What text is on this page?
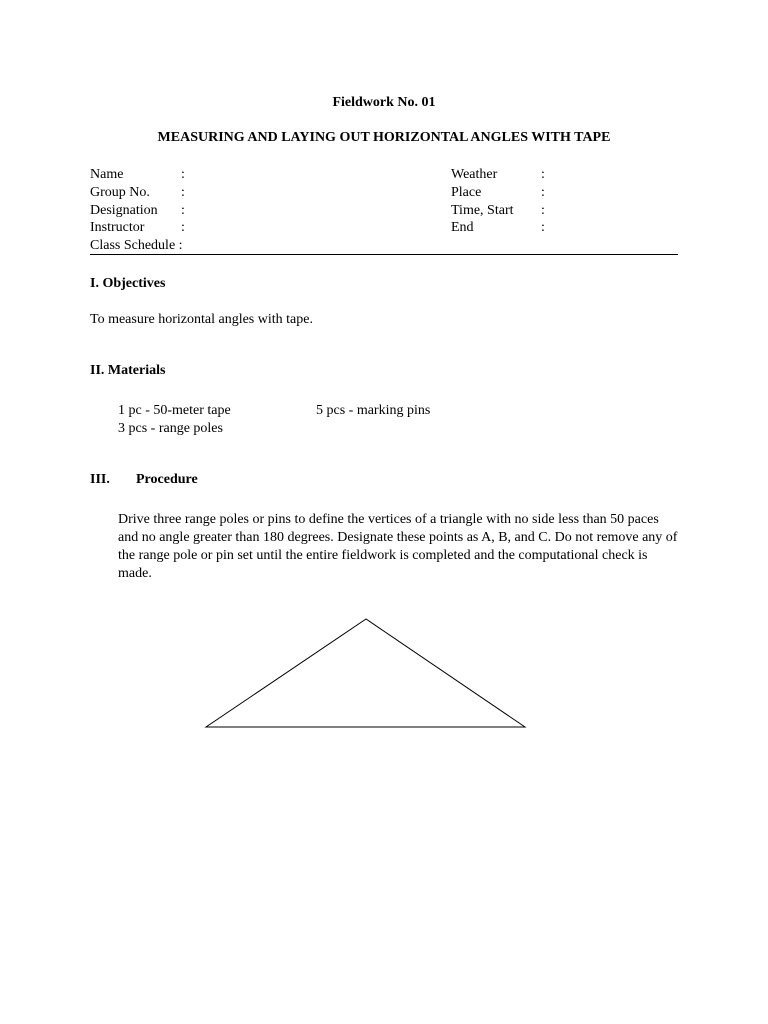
Fieldwork No. 01
MEASURING AND LAYING OUT HORIZONTAL ANGLES WITH TAPE
Name	:
Group No. :
Designation :
Instructor	:
Class Schedule :
Weather	:
Place	:
Time, Start :
End	:
I. Objectives
To measure horizontal angles with tape.
II. Materials
1 pc - 50-meter tape	5 pcs - marking pins
3 pcs - range poles
III. Procedure
Drive three range poles or pins to define the vertices of a triangle with no side less than 50 paces and no angle greater than 180 degrees. Designate these points as A, B, and C. Do not remove any of the range pole or pin set until the entire fieldwork is completed and the computational check is made.
